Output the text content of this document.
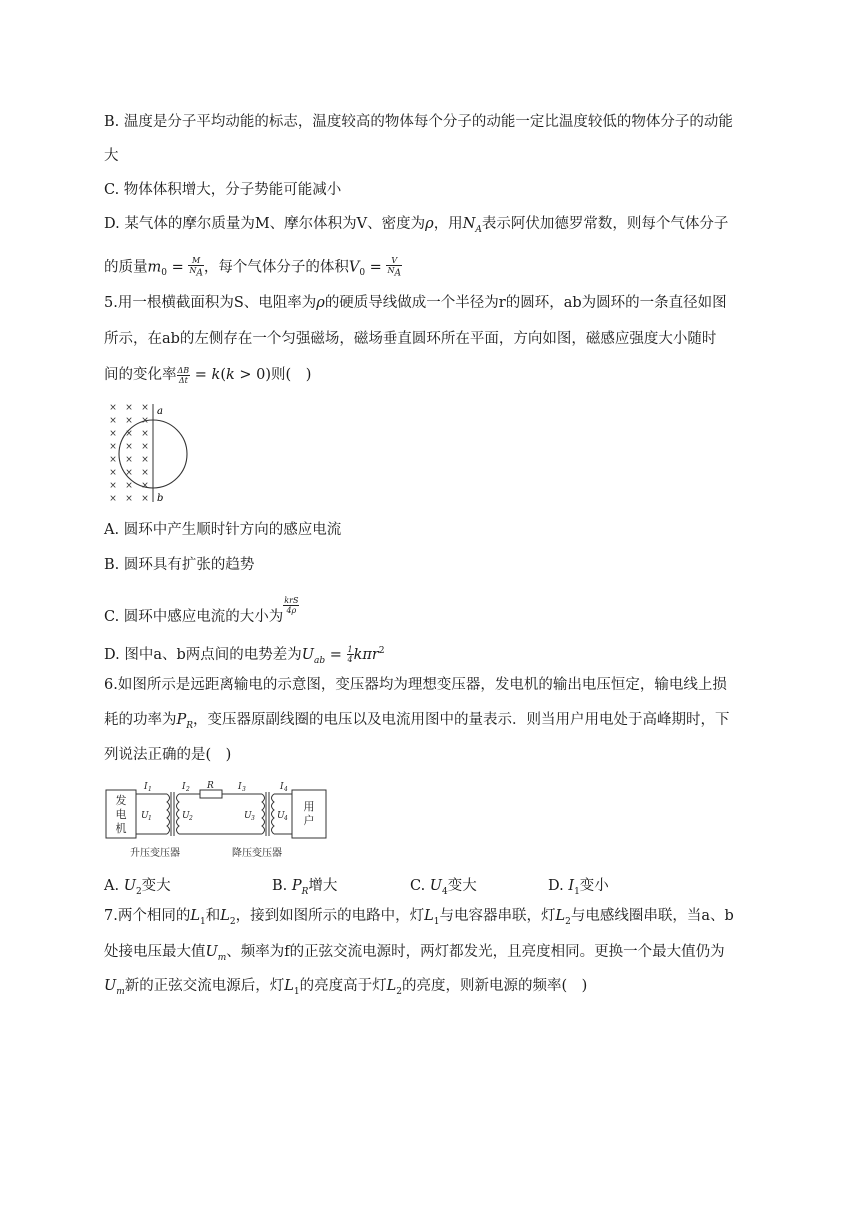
B. 温度是分子平均动能的标志，温度较高的物体每个分子的动能一定比温度较低的物体分子的动能
大
C. 物体体积增大，分子势能可能减小
D. 某气体的摩尔质量为M、摩尔体积为V、密度为ρ，用$N_A$表示阿伏加德罗常数，则每个气体分子
的质量$m_0 = \frac{M}{N_A}$ ，每个气体分子的体积$V_0 = \frac{V}{N_A}$
5.用一根横截面积为S、电阻率为ρ的硬质导线做成一个半径为r的圆环，ab为圆环的一条直径如图
所示，在ab的左侧存在一个匀强磁场，磁场垂直圆环所在平面，方向如图，磁感应强度大小随时
间的变化率 $\frac{\Delta B}{\Delta t} = k(k > 0)$则(　)
× × ×
× × ×
× × ×
× × ×
× × ×
× × ×
× × ×
× × ×
a
b
A. 圆环中产生顺时针方向的感应电流
B. 圆环具有扩张的趋势
C. 圆环中感应电流的大小为
$\frac{\text{krS}}{4\rho}$
D. 图中a、b两点间的电势差为$U_{ab} = \frac{1}{4} k\pi r^2$
6.如图所示是远距离输电的示意图，变压器均为理想变压器，发电机的输出电压恒定，输电线上损
耗的功率为$P_R$，变压器原副线圈的电压以及电流用图中的量表示．则当用户用电处于高峰期时，下
列说法正确的是(　)
发
电
机
用
户
I 1	I 2 R	I 3	I 4
U 1	U 2	U 3 U 4
升压变压器	降压变压器
A. $U_2$变大	B. $P_R$增大	C. $U_4$变大	D. $I_1$变小
7.两个相同的$L_1$和$L_2$，接到如图所示的电路中，灯$L_1$与电容器串联，灯$L_2$与电感线圈串联，当a、b
处接电压最大值$U_m$、频率为f的正弦交流电源时，两灯都发光，且亮度相同。更换一个最大值仍为
$U_m$新的正弦交流电源后，灯$L_1$的亮度高于灯$L_2$的亮度，则新电源的频率(　)
